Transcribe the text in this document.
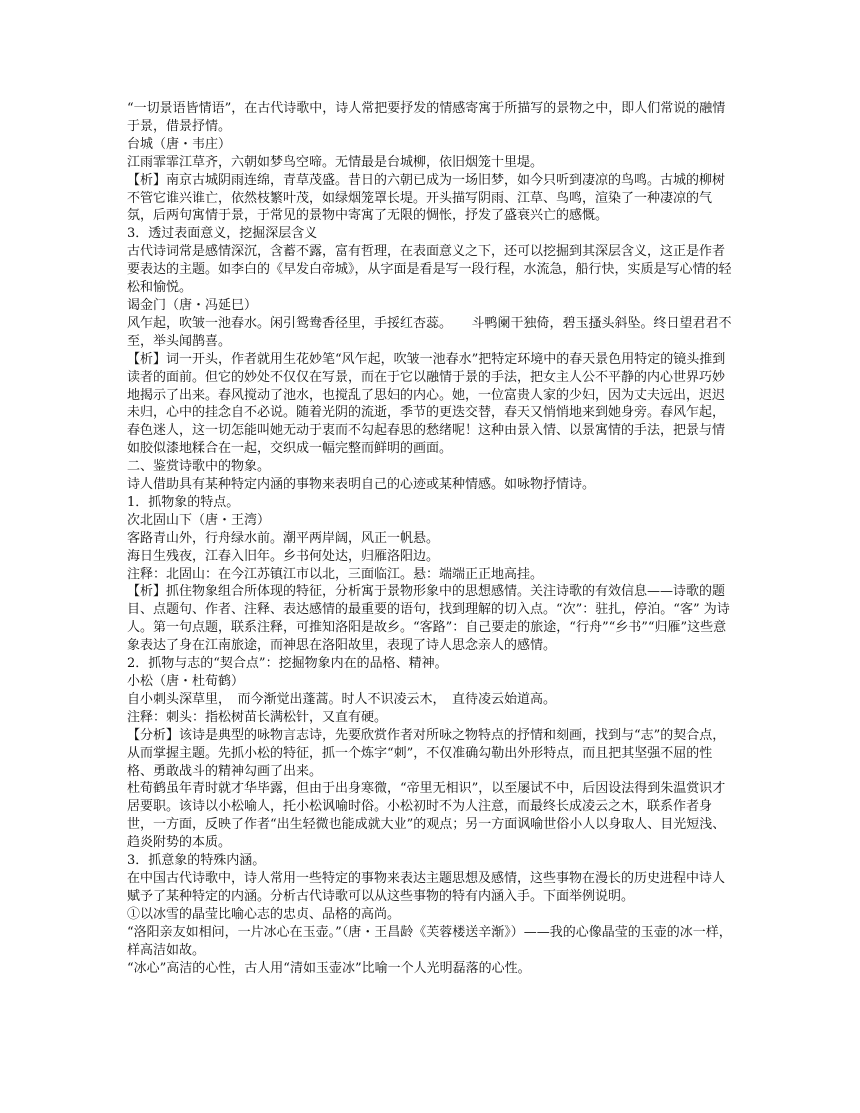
“一切景语皆情语”，在古代诗歌中，诗人常把要抒发的情感寄寓于所描写的景物之中，即人们常说的融情于景，借景抒情。

台城（唐・韦庄）

江雨霏霏江草齐，六朝如梦鸟空啼。无情最是台城柳，依旧烟笼十里堤。

【析】南京古城阴雨连绵，青草茂盛。昔日的六朝已成为一场旧梦，如今只听到凄凉的鸟鸣。古城的柳树不管它谁兴谁亡，依然枝繁叶茂，如绿烟笼罩长堤。开头描写阴雨、江草、鸟鸣，渲染了一种凄凉的气氛，后两句寓情于景，于常见的景物中寄寓了无限的惆怅，抒发了盛衰兴亡的感慨。

3．透过表面意义，挖掘深层含义

古代诗词常是感情深沉，含蓄不露，富有哲理，在表面意义之下，还可以挖掘到其深层含义，这正是作者要表达的主题。如李白的《早发白帝城》，从字面是看是写一段行程，水流急，船行快，实质是写心情的轻松和愉悦。

谒金门（唐・冯延巳）

风乍起，吹皱一池春水。闲引鸳鸯香径里，手挼红杏蕊。　　斗鸭阑干独倚，碧玉搔头斜坠。终日望君君不至，举头闻鹊喜。

【析】词一开头，作者就用生花妙笔“风乍起，吹皱一池春水”把特定环境中的春天景色用特定的镜头推到读者的面前。但它的妙处不仅仅在写景，而在于它以融情于景的手法，把女主人公不平静的内心世界巧妙地揭示了出来。春风搅动了池水，也搅乱了思妇的内心。她，一位富贵人家的少妇，因为丈夫远出，迟迟未归，心中的挂念自不必说。随着光阴的流逝，季节的更迭交替，春天又悄悄地来到她身旁。春风乍起，春色迷人，这一切怎能叫她无动于衷而不勾起春思的愁绪呢！这种由景入情、以景寓情的手法，把景与情如胶似漆地糅合在一起，交织成一幅完整而鲜明的画面。

二、鉴赏诗歌中的物象。

诗人借助具有某种特定内涵的事物来表明自己的心迹或某种情感。如咏物抒情诗。

1．抓物象的特点。

次北固山下（唐・王湾）

客路青山外，行舟绿水前。潮平两岸阔，风正一帆悬。

海日生残夜，江春入旧年。乡书何处达，归雁洛阳边。

注释：北固山：在今江苏镇江市以北，三面临江。悬：端端正正地高挂。

【析】抓住物象组合所体现的特征，分析寓于景物形象中的思想感情。关注诗歌的有效信息——诗歌的题目、点题句、作者、注释、表达感情的最重要的语句，找到理解的切入点。“次”：驻扎，停泊。“客” 为诗人。第一句点题，联系注释，可推知洛阳是故乡。“客路”：自己要走的旅途，“行舟”“乡书”“归雁”这些意象表达了身在江南旅途，而神思在洛阳故里，表现了诗人思念亲人的感情。

2．抓物与志的“契合点”：挖掘物象内在的品格、精神。

小松（唐・杜荀鹤）

自小刺头深草里，　而今渐觉出蓬蒿。时人不识凌云木，　直待凌云始道高。

注释：刺头：指松树苗长满松针，又直有硬。

【分析】该诗是典型的咏物言志诗，先要欣赏作者对所咏之物特点的抒情和刻画，找到与“志”的契合点，从而掌握主题。先抓小松的特征，抓一个炼字“刺”，不仅准确勾勒出外形特点，而且把其坚强不屈的性格、勇敢战斗的精神勾画了出来。

杜荀鹤虽年青时就才华毕露，但由于出身寒微，“帝里无相识”，以至屡试不中，后因设法得到朱温赏识才居要职。该诗以小松喻人，托小松讽喻时俗。小松初时不为人注意，而最终长成凌云之木，联系作者身世，一方面，反映了作者“出生轻微也能成就大业”的观点；另一方面讽喻世俗小人以身取人、目光短浅、趋炎附势的本质。

3．抓意象的特殊内涵。

在中国古代诗歌中，诗人常用一些特定的事物来表达主题思想及感情，这些事物在漫长的历史进程中诗人赋予了某种特定的内涵。分析古代诗歌可以从这些事物的特有内涵入手。下面举例说明。

①以冰雪的晶莹比喻心志的忠贞、品格的高尚。

“洛阳亲友如相问，一片冰心在玉壶。”（唐・王昌龄《芙蓉楼送辛渐》）——我的心像晶莹的玉壶的冰一样，样高洁如故。

“冰心”高洁的心性，古人用“清如玉壶冰”比喻一个人光明磊落的心性。
